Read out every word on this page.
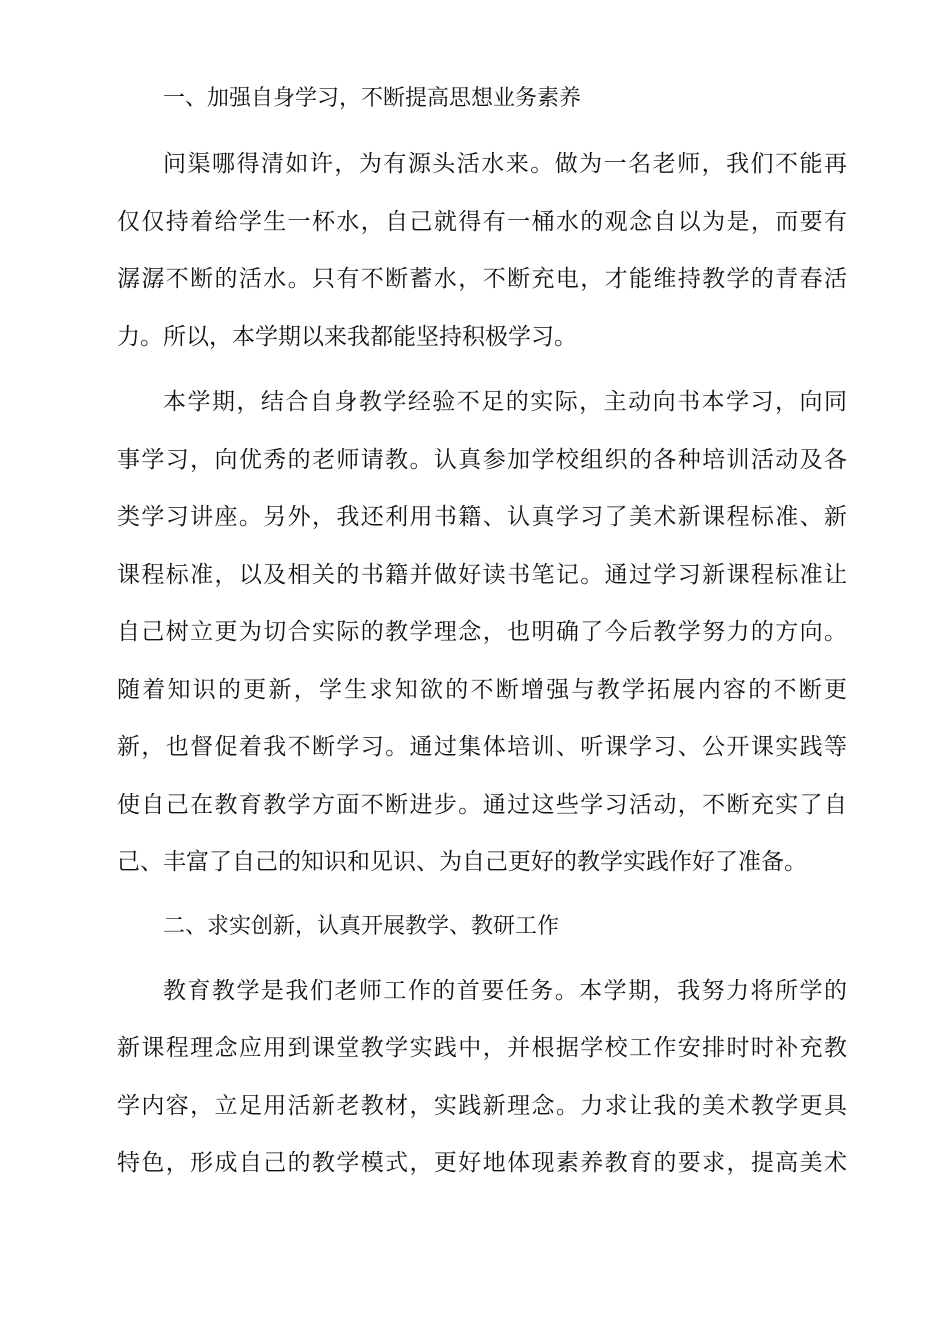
一、加强自身学习，不断提高思想业务素养

问渠哪得清如许，为有源头活水来。做为一名老师，我们不能再
仅仅持着给学生一杯水，自己就得有一桶水的观念自以为是，而要有
潺潺不断的活水。只有不断蓄水，不断充电，才能维持教学的青春活
力。所以，本学期以来我都能坚持积极学习。
本学期，结合自身教学经验不足的实际，主动向书本学习，向同
事学习，向优秀的老师请教。认真参加学校组织的各种培训活动及各
类学习讲座。另外，我还利用书籍、认真学习了美术新课程标准、新
课程标准，以及相关的书籍并做好读书笔记。通过学习新课程标准让
自己树立更为切合实际的教学理念，也明确了今后教学努力的方向。
随着知识的更新，学生求知欲的不断增强与教学拓展内容的不断更
新，也督促着我不断学习。通过集体培训、听课学习、公开课实践等
使自己在教育教学方面不断进步。通过这些学习活动，不断充实了自
己、丰富了自己的知识和见识、为自己更好的教学实践作好了准备。

二、求实创新，认真开展教学、教研工作

教育教学是我们老师工作的首要任务。本学期，我努力将所学的
新课程理念应用到课堂教学实践中，并根据学校工作安排时时补充教
学内容，立足用活新老教材，实践新理念。力求让我的美术教学更具
特色，形成自己的教学模式，更好地体现素养教育的要求，提高美术
